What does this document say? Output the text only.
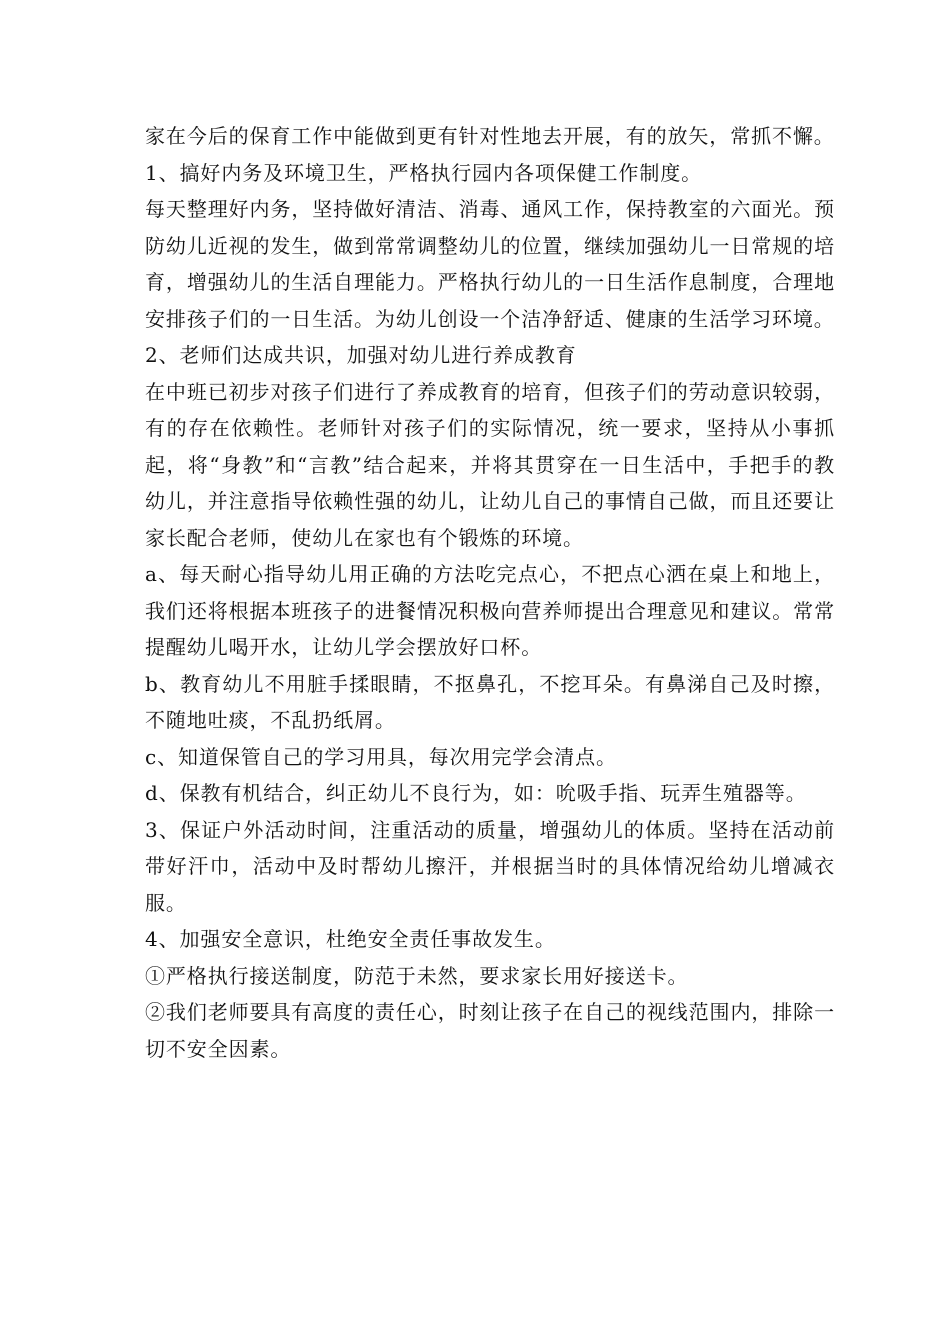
家在今后的保育工作中能做到更有针对性地去开展，有的放矢，常抓不懈。

1、搞好内务及环境卫生，严格执行园内各项保健工作制度。

每天整理好内务，坚持做好清洁、消毒、通风工作，保持教室的六面光。预防幼儿近视的发生，做到常常调整幼儿的位置，继续加强幼儿一日常规的培育，增强幼儿的生活自理能力。严格执行幼儿的一日生活作息制度，合理地安排孩子们的一日生活。为幼儿创设一个洁净舒适、健康的生活学习环境。

2、老师们达成共识，加强对幼儿进行养成教育

在中班已初步对孩子们进行了养成教育的培育，但孩子们的劳动意识较弱，有的存在依赖性。老师针对孩子们的实际情况，统一要求，坚持从小事抓起，将“身教”和“言教”结合起来，并将其贯穿在一日生活中，手把手的教幼儿，并注意指导依赖性强的幼儿，让幼儿自己的事情自己做，而且还要让家长配合老师，使幼儿在家也有个锻炼的环境。

a、每天耐心指导幼儿用正确的方法吃完点心，不把点心洒在桌上和地上，我们还将根据本班孩子的进餐情况积极向营养师提出合理意见和建议。常常提醒幼儿喝开水，让幼儿学会摆放好口杯。

b、教育幼儿不用脏手揉眼睛，不抠鼻孔，不挖耳朵。有鼻涕自己及时擦，不随地吐痰，不乱扔纸屑。

c、知道保管自己的学习用具，每次用完学会清点。

d、保教有机结合，纠正幼儿不良行为，如：吮吸手指、玩弄生殖器等。

3、保证户外活动时间，注重活动的质量，增强幼儿的体质。坚持在活动前带好汗巾，活动中及时帮幼儿擦汗，并根据当时的具体情况给幼儿增减衣服。

4、加强安全意识，杜绝安全责任事故发生。

①严格执行接送制度，防范于未然，要求家长用好接送卡。

②我们老师要具有高度的责任心，时刻让孩子在自己的视线范围内，排除一切不安全因素。
